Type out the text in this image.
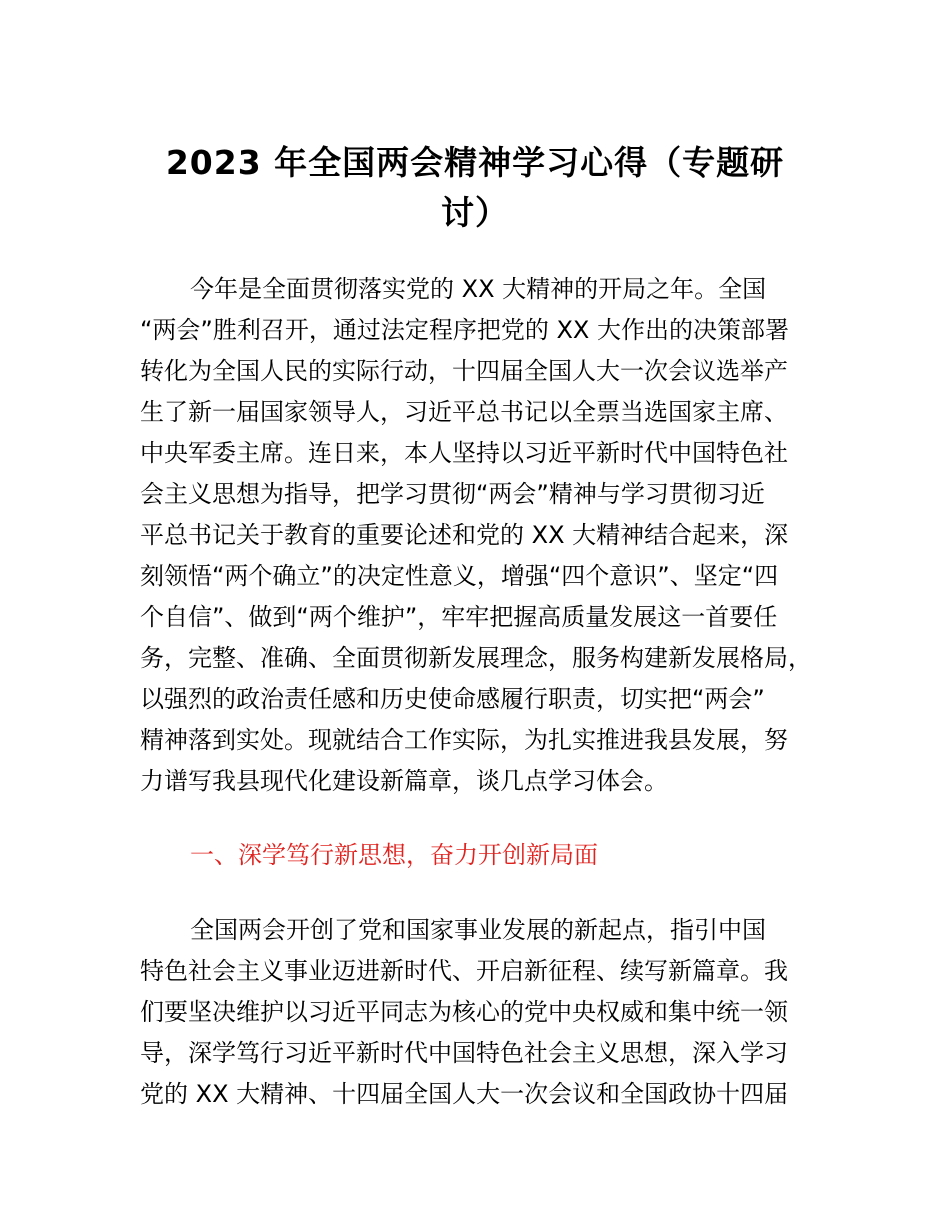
2023 年全国两会精神学习心得（专题研
讨）
今年是全面贯彻落实党的 XX 大精神的开局之年。全国
“两会”胜利召开，通过法定程序把党的 XX 大作出的决策部署
转化为全国人民的实际行动，十四届全国人大一次会议选举产
生了新一届国家领导人，习近平总书记以全票当选国家主席、
中央军委主席。连日来，本人坚持以习近平新时代中国特色社
会主义思想为指导，把学习贯彻“两会”精神与学习贯彻习近
平总书记关于教育的重要论述和党的 XX 大精神结合起来，深
刻领悟“两个确立”的决定性意义，增强“四个意识”、坚定“四
个自信”、做到“两个维护”，牢牢把握高质量发展这一首要任
务，完整、准确、全面贯彻新发展理念，服务构建新发展格局，
以强烈的政治责任感和历史使命感履行职责，切实把“两会”
精神落到实处。现就结合工作实际，为扎实推进我县发展，努
力谱写我县现代化建设新篇章，谈几点学习体会。
一、深学笃行新思想，奋力开创新局面
全国两会开创了党和国家事业发展的新起点，指引中国
特色社会主义事业迈进新时代、开启新征程、续写新篇章。我
们要坚决维护以习近平同志为核心的党中央权威和集中统一领
导，深学笃行习近平新时代中国特色社会主义思想，深入学习
党的 XX 大精神、十四届全国人大一次会议和全国政协十四届
